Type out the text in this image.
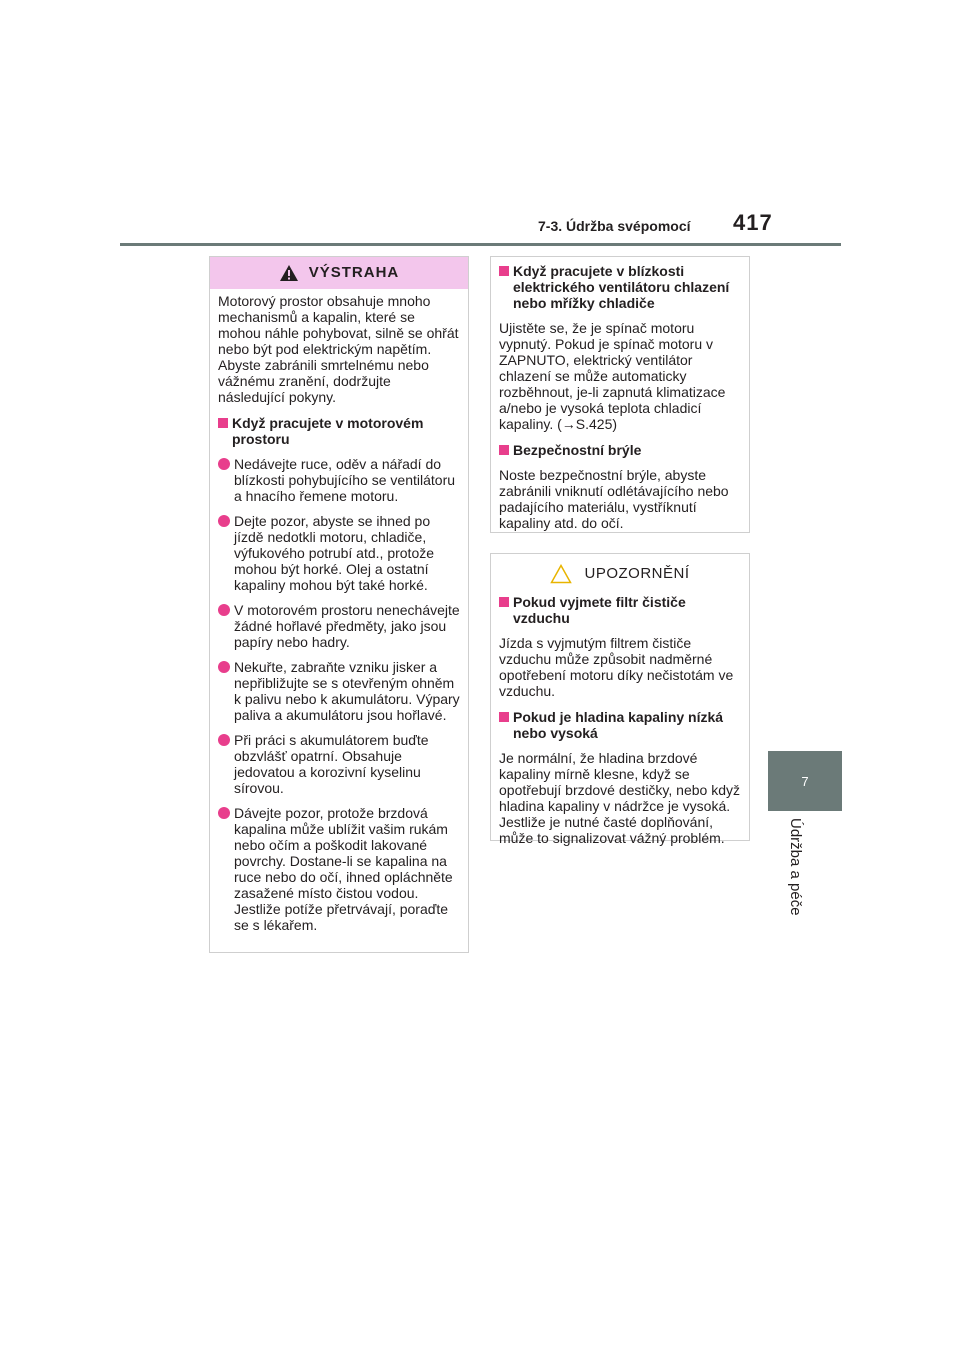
7-3. Údržba svépomocí 417
7
Údržba a péče
VÝSTRAHA

Motorový prostor obsahuje mnoho mechanismů a kapalin, které se mohou náhle pohybovat, silně se ohřát nebo být pod elektrickým napětím. Abyste zabránili smrtelnému nebo vážnému zranění, dodržujte následující pokyny.

Když pracujete v motorovém prostoru
Nedávejte ruce, oděv a nářadí do blízkosti pohybujícího se ventilátoru a hnacího řemene motoru.
Dejte pozor, abyste se ihned po jízdě nedotkli motoru, chladiče, výfukového potrubí atd., protože mohou být horké. Olej a ostatní kapaliny mohou být také horké.
V motorovém prostoru nenechávejte žádné hořlavé předměty, jako jsou papíry nebo hadry.
Nekuřte, zabraňte vzniku jisker a nepřibližujte se s otevřeným ohněm k palivu nebo k akumulátoru. Výpary paliva a akumulátoru jsou hořlavé.
Při práci s akumulátorem buďte obzvlášť opatrní. Obsahuje jedovatou a korozivní kyselinu sírovou.
Dávejte pozor, protože brzdová kapalina může ublížit vašim rukám nebo očím a poškodit lakované povrchy. Dostane-li se kapalina na ruce nebo do očí, ihned opláchněte zasažené místo čistou vodou. Jestliže potíže přetrvávají, poraďte se s lékařem.
Když pracujete v blízkosti elektrického ventilátoru chlazení nebo mřížky chladiče

Ujistěte se, že je spínač motoru vypnutý. Pokud je spínač motoru v ZAPNUTO, elektrický ventilátor chlazení se může automaticky rozběhnout, je-li zapnutá klimatizace a/nebo je vysoká teplota chladicí kapaliny. (→S.425)

Bezpečnostní brýle

Noste bezpečnostní brýle, abyste zabránili vniknutí odlétávajícího nebo padajícího materiálu, vystříknutí kapaliny atd. do očí.

UPOZORNĚNÍ
Pokud vyjmete filtr čističe vzduchu

Jízda s vyjmutým filtrem čističe vzduchu může způsobit nadměrné opotřebení motoru díky nečistotám ve vzduchu.

Pokud je hladina kapaliny nízká nebo vysoká

Je normální, že hladina brzdové kapaliny mírně klesne, když se opotřebují brzdové destičky, nebo když hladina kapaliny v nádržce je vysoká. Jestliže je nutné časté doplňování, může to signalizovat vážný problém.
